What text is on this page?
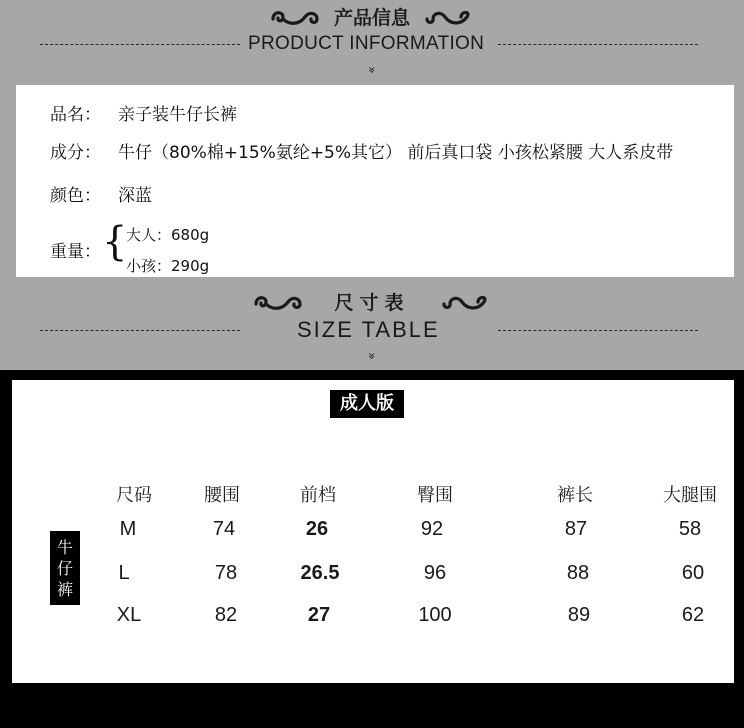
产品信息
PRODUCT INFORMATION
»
品名： 亲子装牛仔长裤
成分： 牛仔（80%棉+15%氨纶+5%其它） 前后真口袋 小孩松紧腰 大人系皮带
颜色： 深蓝
重量： {
大人：680g
小孩：290g
尺寸表
SIZE TABLE
»
成人版
牛
仔
裤
尺码	腰围	前档	臀围	裤长	大腿围
M	74	26	92	87	58
L	78	26.5	96	88	60
XL	82	27	100	89	62
